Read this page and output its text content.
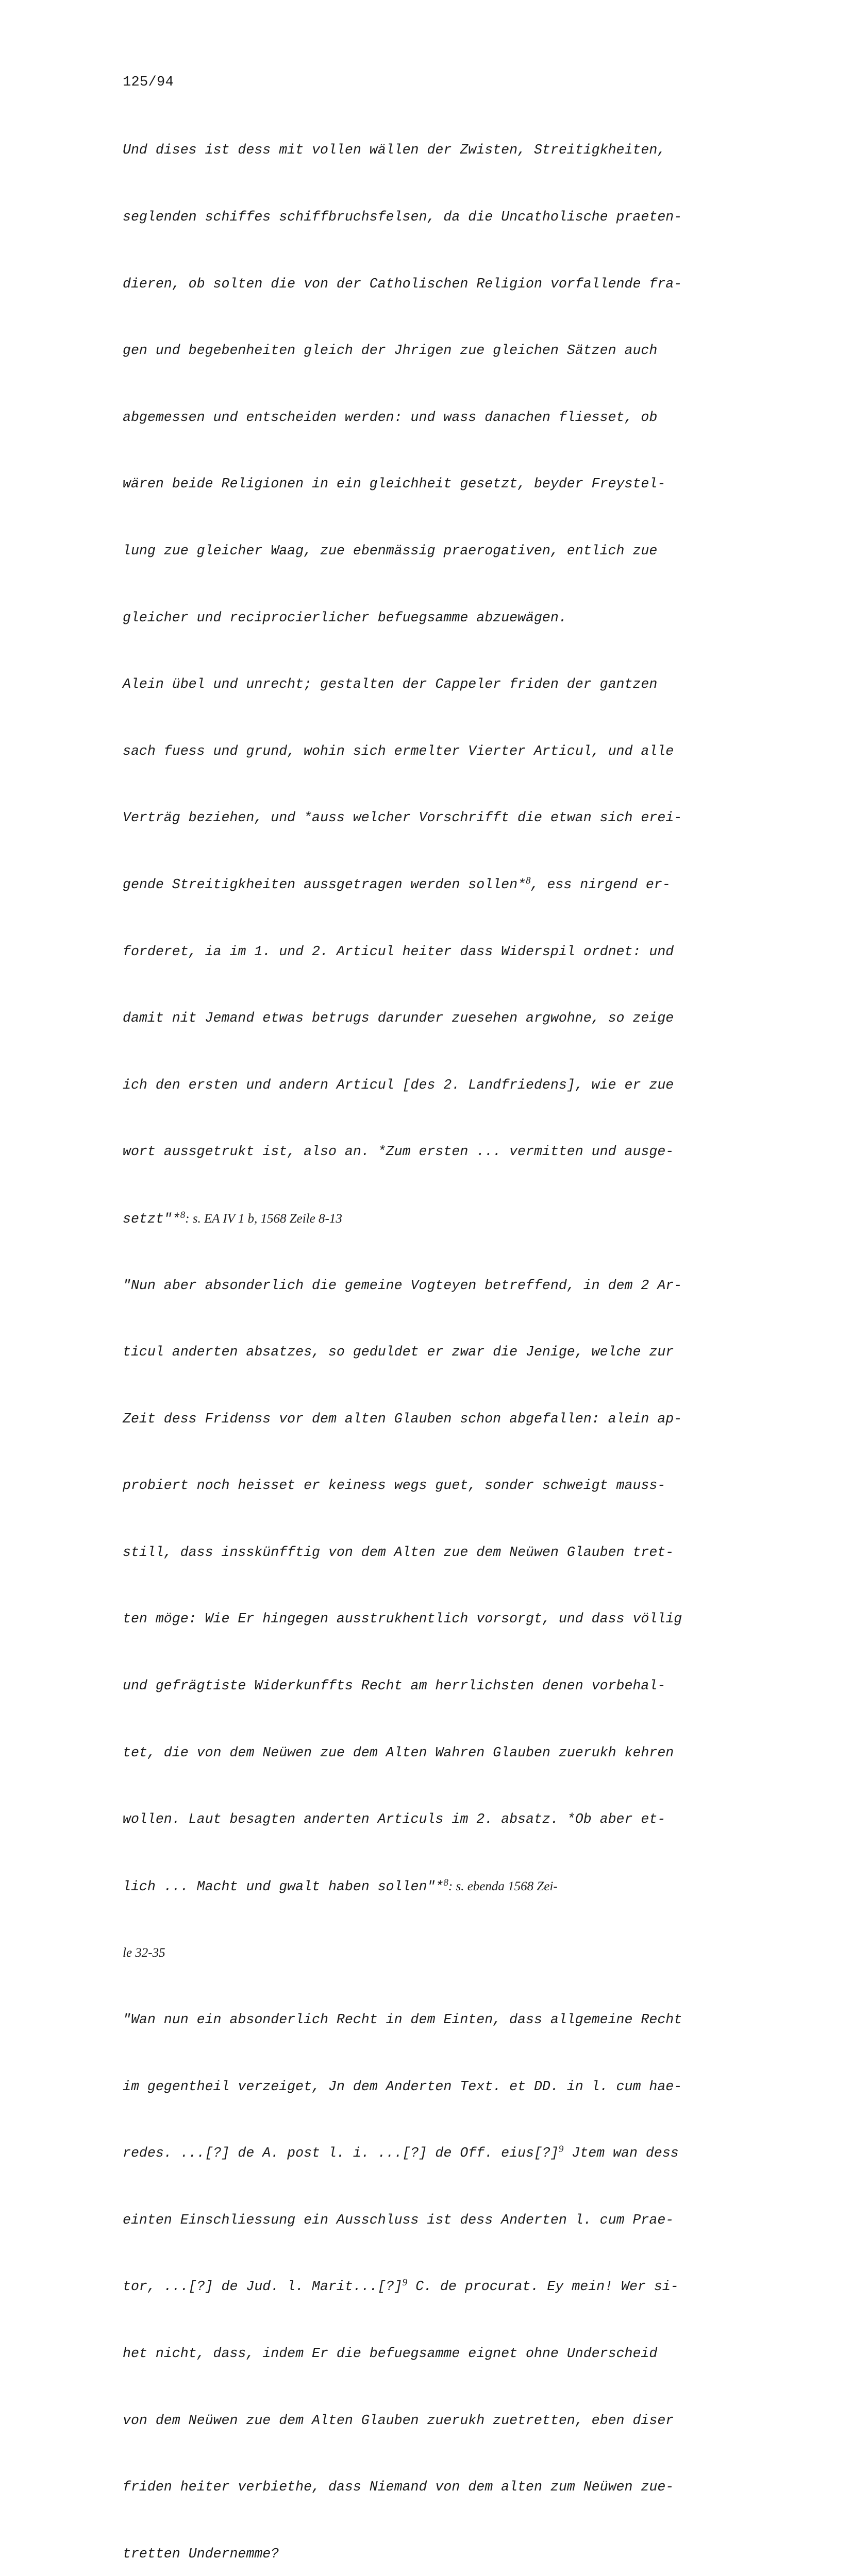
125/94

Und dises ist dess mit vollen wällen der Zwisten, Streitigkheiten,

seglenden schiffes schiffbruchsfelsen, da die Uncatholische praeten-

dieren, ob solten die von der Catholischen Religion vorfallende fra-

gen und begebenheiten gleich der Jhrigen zue gleichen Sätzen auch

abgemessen und entscheiden werden: und wass danachen fliesset, ob

wären beide Religionen in ein gleichheit gesetzt, beyder Freystel-

lung zue gleicher Waag, zue ebenmässig praerogativen, entlich zue

gleicher und reciprocierlicher befuegsamme abzuewägen.

Alein übel und unrecht; gestalten der Cappeler friden der gantzen

sach fuess und grund, wohin sich ermelter Vierter Articul, und alle

Verträg beziehen, und *auss welcher Vorschrifft die etwan sich erei-

gende Streitigkheiten aussgetragen werden sollen*$^8$, ess nirgend er-

forderet, ia im 1. und 2. Articul heiter dass Widerspil ordnet: und

damit nit Jemand etwas betrugs darunder zuesehen argwohne, so zeige

ich den ersten und andern Articul [des 2. Landfriedens], wie er zue

wort aussgetrukt ist, also an. *Zum ersten ... vermitten und ausge-

setzt"*$^8$: s. EA IV 1 b, 1568 Zeile 8-13

"Nun aber absonderlich die gemeine Vogteyen betreffend, in dem 2 Ar-

ticul anderten absatzes, so geduldet er zwar die Jenige, welche zur

Zeit dess Fridenss vor dem alten Glauben schon abgefallen: alein ap-

probiert noch heisset er keiness wegs guet, sonder schweigt mauss-

still, dass insskünfftig von dem Alten zue dem Neüwen Glauben tret-

ten möge: Wie Er hingegen ausstrukhentlich vorsorgt, und dass völlig

und gefrägtiste Widerkunffts Recht am herrlichsten denen vorbehal-

tet, die von dem Neüwen zue dem Alten Wahren Glauben zuerukh kehren

wollen. Laut besagten anderten Articuls im 2. absatz. *Ob aber et-

lich ... Macht und gwalt haben sollen"*$^8$: s. ebenda 1568 Zei-

le 32-35

"Wan nun ein absonderlich Recht in dem Einten, dass allgemeine Recht

im gegentheil verzeiget, Jn dem Anderten Text. et DD. in l. cum hae-

redes. ...[?] de A. post l. i. ...[?] de Off. eius[?]$^9$ Jtem wan dess

einten Einschliessung ein Ausschluss ist dess Anderten l. cum Prae-

tor, ...[?] de Jud. l. Marit...[?]$^9$ C. de procurat. Ey mein! Wer si-

het nicht, dass, indem Er die befuegsamme eignet ohne Underscheid

von dem Neüwen zue dem Alten Glauben zuerukh zuetretten, eben diser

friden heiter verbiethe, dass Niemand von dem alten zum Neüwen zue-

tretten Undernemme?
